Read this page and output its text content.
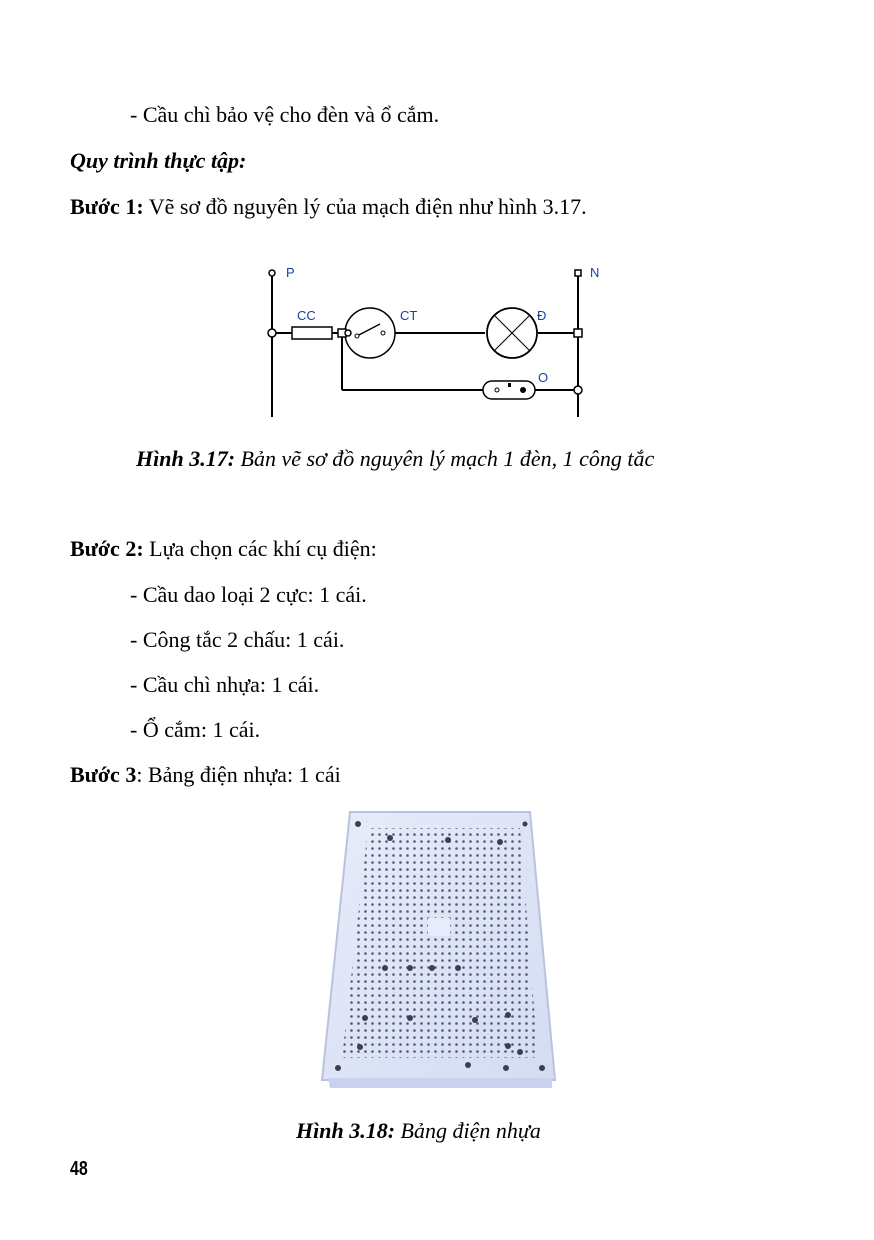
- Cầu chì bảo vệ cho đèn và ổ cắm.
Quy trình thực tập:
Bước 1: Vẽ sơ đồ nguyên lý của mạch điện như hình 3.17.
P	N
CC	CT	Đ
O
Hình 3.17: Bản vẽ sơ đồ nguyên lý mạch 1 đèn, 1 công tắc
Bước 2: Lựa chọn các khí cụ điện:
- Cầu dao loại 2 cực: 1 cái.
- Công tắc 2 chấu: 1 cái.
- Cầu chì nhựa: 1 cái.
- Ổ cắm: 1 cái.
Bước 3: Bảng điện nhựa: 1 cái
Hình 3.18: Bảng điện nhựa
48
